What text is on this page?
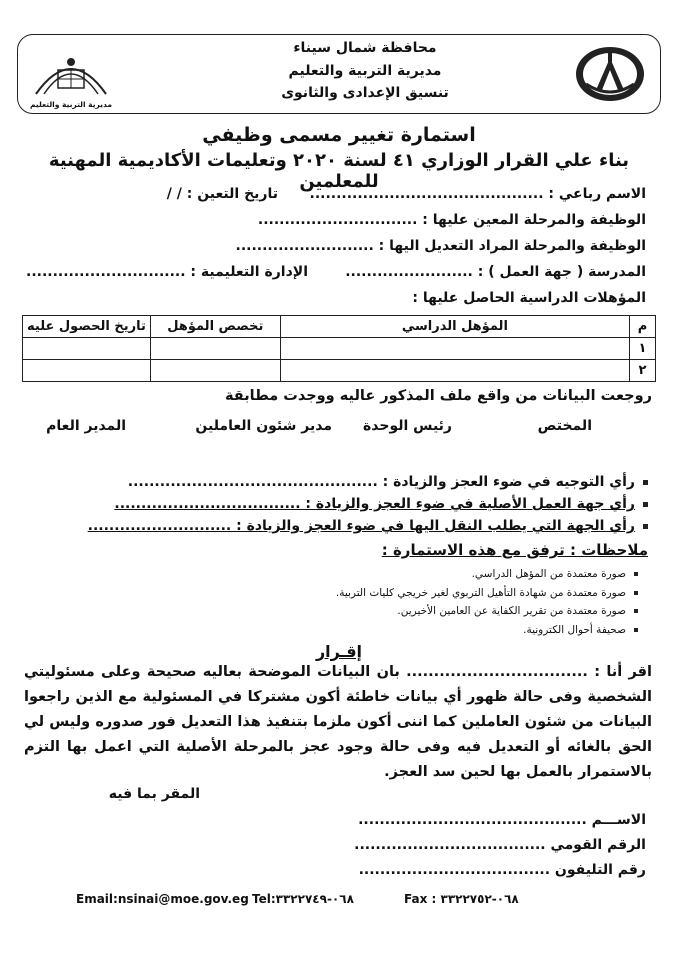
مديرية التربية والتعليم
محافظة شمال سيناء
مديرية التربية والتعليم
تنسيق الإعدادى والثانوى
استمارة تغيير مسمى وظيفي
بناء علي القرار الوزاري ٤١ لسنة ٢٠٢٠ وتعليمات الأكاديمية المهنية للمعلمين
الاسم رباعي : ............................................
تاريخ التعين : / /
الوظيفة والمرحلة المعين عليها : ..............................
الوظيفة والمرحلة المراد التعديل اليها : ..........................
المدرسة ( جهة العمل ) : ........................
الإدارة التعليمية : ..............................
المؤهلات الدراسية الحاصل عليها :
م	المؤهل الدراسي	تخصص المؤهل	تاريخ الحصول عليه
١			
٢			
روجعت البيانات من واقع ملف المذكور عاليه ووجدت مطابقة
المختص
رئيس الوحدة
مدير شئون العاملين
المدير العام
رأي التوجيه في ضوء العجز والزيادة : ...............................................
رأي جهة العمل الأصلية في ضوء العجز والزيادة : ...................................
رأي الجهة التي يطلب النقل اليها في ضوء العجز والزيادة : ...........................
ملاحظات : ترفق مع هذه الاستمارة :
صورة معتمدة من المؤهل الدراسي.
صورة معتمدة من شهادة التأهيل التربوي لغير خريجي كليات التربية.
صورة معتمدة من تقرير الكفاية عن العامين الأخيرين.
صحيفة أحوال الكترونية.
إقـرار
اقر أنا : ................................. بان البيانات الموضحة بعاليه صحيحة وعلى مسئوليتي الشخصية وفى حالة ظهور أي بيانات خاطئة أكون مشتركا في المسئولية مع الذين راجعوا البيانات من شئون العاملين كما اننى أكون ملزما بتنفيذ هذا التعديل فور صدوره وليس لي الحق بالغائه أو التعديل فيه وفى حالة وجود عجز بالمرحلة الأصلية التي اعمل بها التزم بالاستمرار بالعمل بها لحين سد العجز.
المقر بما فيه
الاســـم ...........................................
الرقم القومي ....................................
رقم التليفون ....................................
Email:nsinai@moe.gov.eg Tel:٠٦٨-٣٣٢٢٧٤٩	Fax : ٠٦٨-٣٣٢٢٧٥٢
